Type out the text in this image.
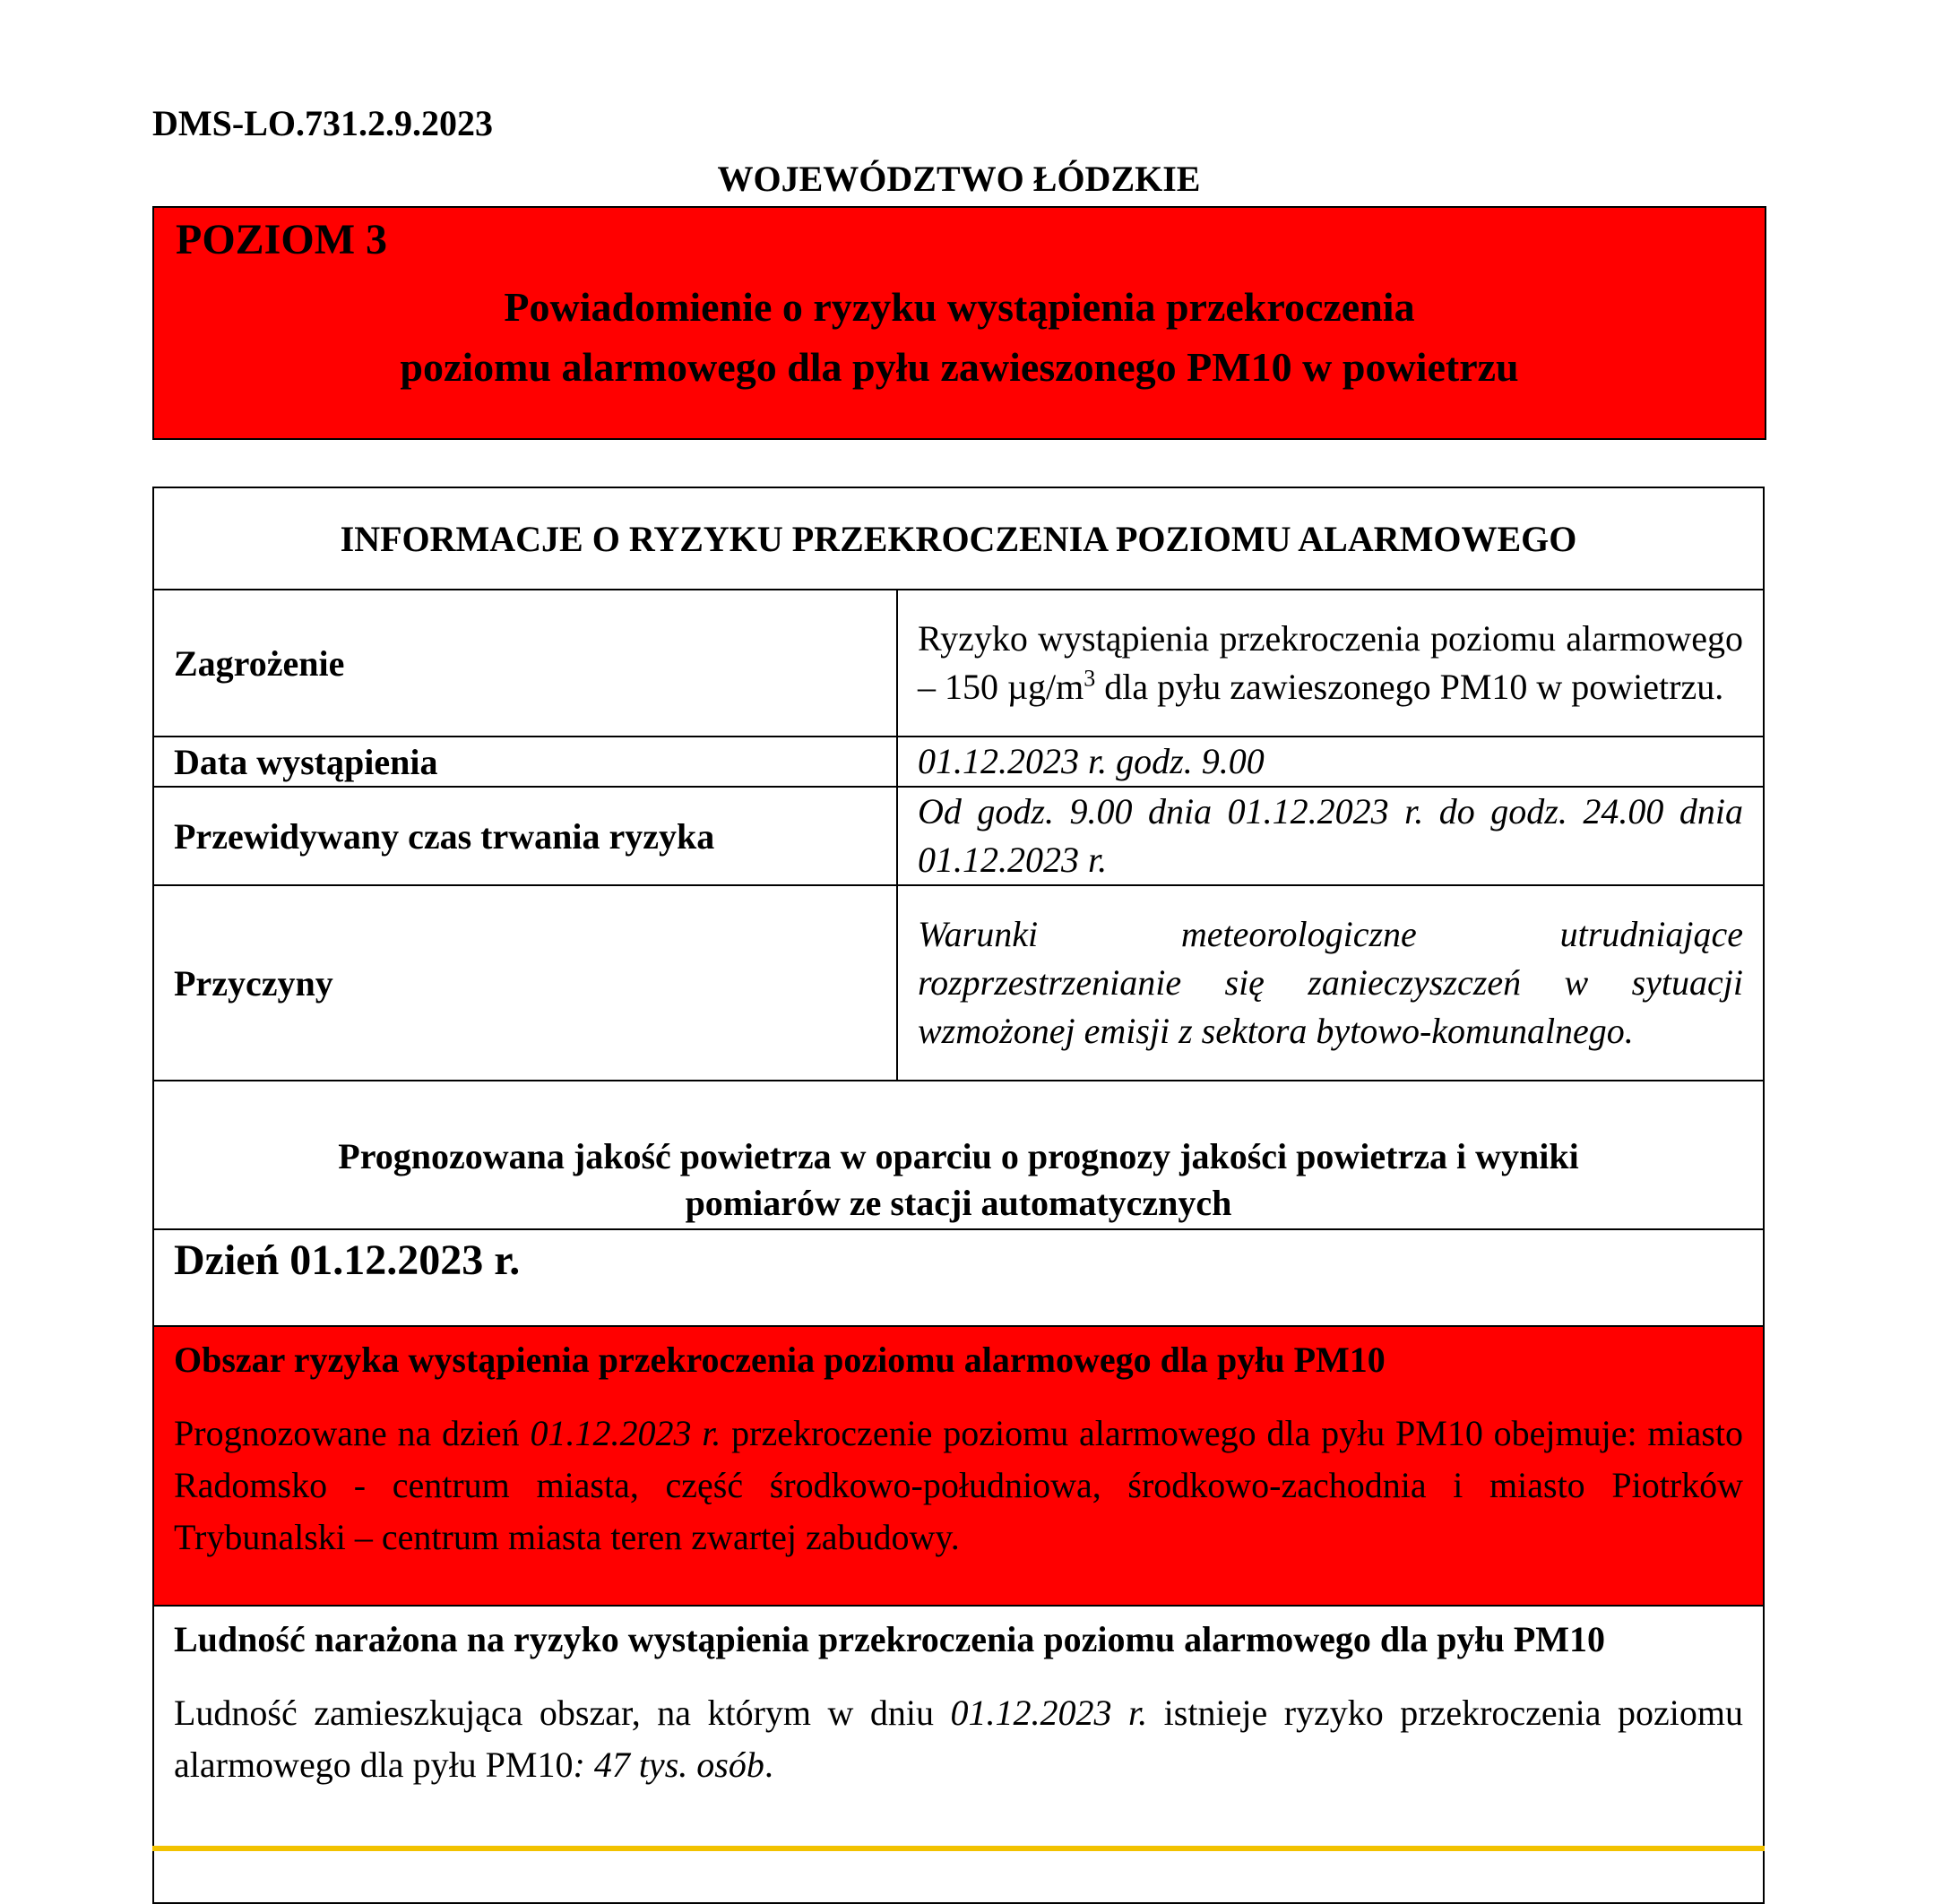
DMS-LO.731.2.9.2023
WOJEWÓDZTWO ŁÓDZKIE
POZIOM 3
Powiadomienie o ryzyku wystąpienia przekroczenia
poziomu alarmowego dla pyłu zawieszonego PM10 w powietrzu
INFORMACJE O RYZYKU PRZEKROCZENIA POZIOMU ALARMOWEGO	
Zagrożenie	Ryzyko wystąpienia przekroczenia poziomu alarmowego – 150 $\mu g/m^3$ dla pyłu zawieszonego PM10 w powietrzu.
Data wystąpienia	01.12.2023 r. godz. 9.00
Przewidywany czas trwania ryzyka	Od godz. 9.00 dnia 01.12.2023 r. do godz. 24.00 dnia 01.12.2023 r.
Przyczyny	Warunki meteorologiczne utrudniające rozprzestrzenianie się zanieczyszczeń w sytuacji wzmożonej emisji z sektora bytowo-komunalnego.

Prognozowana jakość powietrza w oparciu o prognozy jakości powietrza i wyniki
pomiarów ze stacji automatycznych	

Dzień 01.12.2023 r.	

Obszar ryzyka wystąpienia przekroczenia poziomu alarmowego dla pyłu PM10

Prognozowane na dzień 01.12.2023 r. przekroczenie poziomu alarmowego dla pyłu PM10 obejmuje: miasto Radomsko - centrum miasta, część środkowo-południowa, środkowo-zachodnia i miasto Piotrków Trybunalski – centrum miasta teren zwartej zabudowy.	

Ludność narażona na ryzyko wystąpienia przekroczenia poziomu alarmowego dla pyłu PM10

Ludność zamieszkująca obszar, na którym w dniu 01.12.2023 r. istnieje ryzyko przekroczenia poziomu alarmowego dla pyłu PM10: 47 tys. osób.	
